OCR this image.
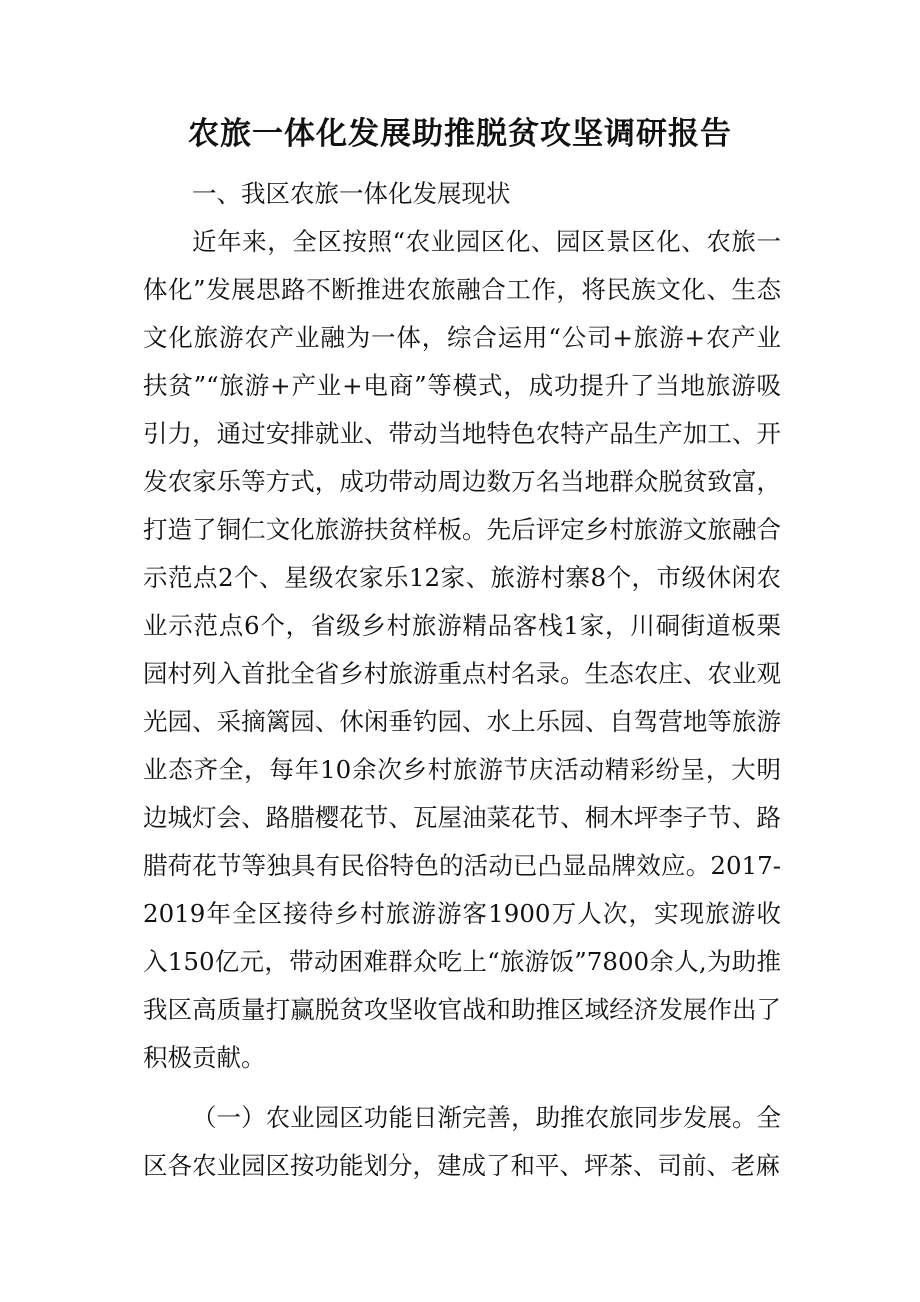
农旅一体化发展助推脱贫攻坚调研报告

一、我区农旅一体化发展现状

近年来，全区按照“农业园区化、园区景区化、农旅一体化”发展思路不断推进农旅融合工作，将民族文化、生态文化旅游农产业融为一体，综合运用“公司+旅游+农产业扶贫”“旅游+产业+电商”等模式，成功提升了当地旅游吸引力，通过安排就业、带动当地特色农特产品生产加工、开发农家乐等方式，成功带动周边数万名当地群众脱贫致富，打造了铜仁文化旅游扶贫样板。先后评定乡村旅游文旅融合示范点2个、星级农家乐12家、旅游村寨8个，市级休闲农业示范点6个，省级乡村旅游精品客栈1家，川硐街道板栗园村列入首批全省乡村旅游重点村名录。生态农庄、农业观光园、采摘篱园、休闲垂钓园、水上乐园、自驾营地等旅游业态齐全，每年10余次乡村旅游节庆活动精彩纷呈，大明边城灯会、路腊樱花节、瓦屋油菜花节、桐木坪李子节、路腊荷花节等独具有民俗特色的活动已凸显品牌效应。2017-2019年全区接待乡村旅游游客1900万人次，实现旅游收入150亿元，带动困难群众吃上“旅游饭”7800余人,为助推我区高质量打赢脱贫攻坚收官战和助推区域经济发展作出了积极贡献。

（一）农业园区功能日渐完善，助推农旅同步发展。全区各农业园区按功能划分，建成了和平、坪茶、司前、老麻
